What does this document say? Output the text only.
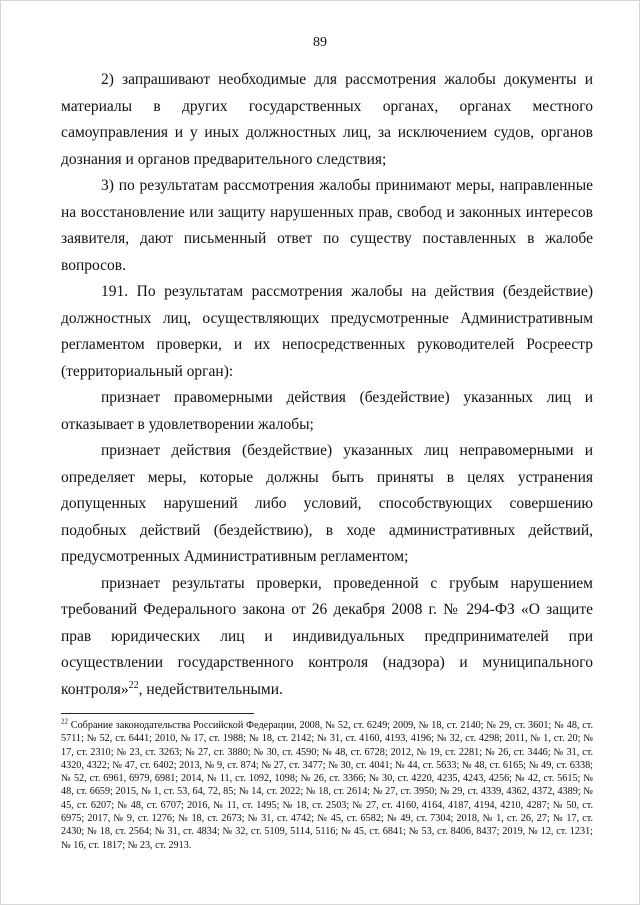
89

2) запрашивают необходимые для рассмотрения жалобы документы и материалы в других государственных органах, органах местного самоуправления и у иных должностных лиц, за исключением судов, органов дознания и органов предварительного следствия;

3) по результатам рассмотрения жалобы принимают меры, направленные на восстановление или защиту нарушенных прав, свобод и законных интересов заявителя, дают письменный ответ по существу поставленных в жалобе вопросов.

191. По результатам рассмотрения жалобы на действия (бездействие) должностных лиц, осуществляющих предусмотренные Административным регламентом проверки, и их непосредственных руководителей Росреестр (территориальный орган):

признает правомерными действия (бездействие) указанных лиц и отказывает в удовлетворении жалобы;

признает действия (бездействие) указанных лиц неправомерными и определяет меры, которые должны быть приняты в целях устранения допущенных нарушений либо условий, способствующих совершению подобных действий (бездействию), в ходе административных действий, предусмотренных Административным регламентом;

признает результаты проверки, проведенной с грубым нарушением требований Федерального закона от 26 декабря 2008 г. № 294-ФЗ «О защите прав юридических лиц и индивидуальных предпринимателей при осуществлении государственного контроля (надзора) и муниципального контроля»$^{22}$, недействительными.

$^{22}$ Собрание законодательства Российской Федерации, 2008, № 52, ст. 6249; 2009, № 18, ст. 2140; № 29, ст. 3601; № 48, ст. 5711; № 52, ст. 6441; 2010, № 17, ст. 1988; № 18, ст. 2142; № 31, ст. 4160, 4193, 4196; № 32, ст. 4298; 2011, № 1, ст. 20; № 17, ст. 2310; № 23, ст. 3263; № 27, ст. 3880; № 30, ст. 4590; № 48, ст. 6728; 2012, № 19, ст. 2281; № 26, ст. 3446; № 31, ст. 4320, 4322; № 47, ст. 6402; 2013, № 9, ст. 874; № 27, ст. 3477; № 30, ст. 4041; № 44, ст. 5633; № 48, ст. 6165; № 49, ст. 6338; № 52, ст. 6961, 6979, 6981; 2014, № 11, ст. 1092, 1098; № 26, ст. 3366; № 30, ст. 4220, 4235, 4243, 4256; № 42, ст. 5615; № 48, ст. 6659; 2015, № 1, ст. 53, 64, 72, 85; № 14, ст. 2022; № 18, ст. 2614; № 27, ст. 3950; № 29, ст. 4339, 4362, 4372, 4389; № 45, ст. 6207; № 48, ст. 6707; 2016, № 11, ст. 1495; № 18, ст. 2503; № 27, ст. 4160, 4164, 4187, 4194, 4210, 4287; № 50, ст. 6975; 2017, № 9, ст. 1276; № 18, ст. 2673; № 31, ст. 4742; № 45, ст. 6582; № 49, ст. 7304; 2018, № 1, ст. 26, 27; № 17, ст. 2430; № 18, ст. 2564; № 31, ст. 4834; № 32, ст. 5109, 5114, 5116; № 45, ст. 6841; № 53, ст. 8406, 8437; 2019, № 12, ст. 1231; № 16, ст. 1817; № 23, ст. 2913.
